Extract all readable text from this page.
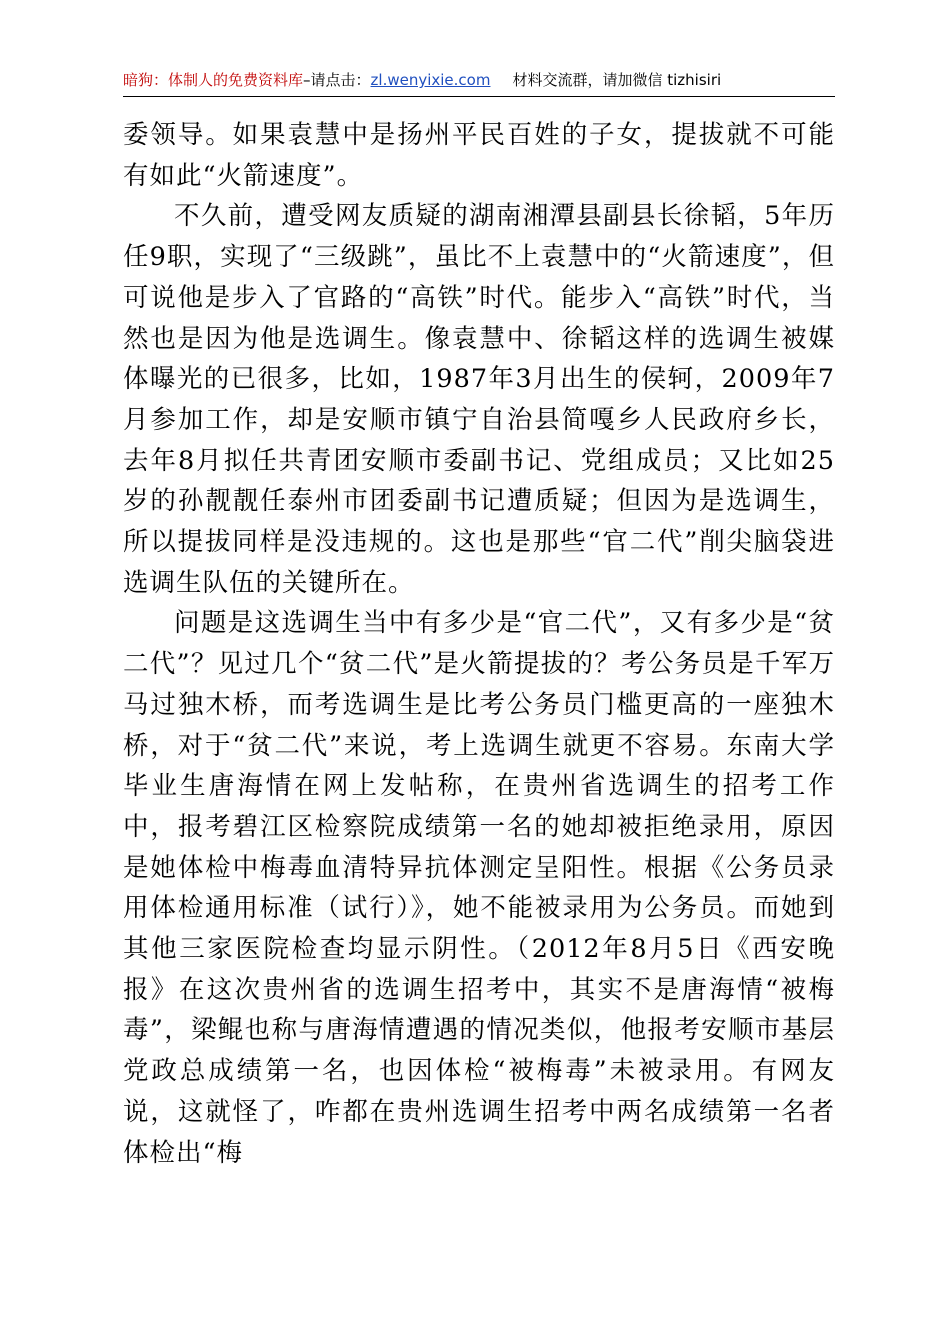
暗狗：体制人的免费资料库–请点击：zl.wenyixie.com 材料交流群，请加微信 tizhisiri

委领导。如果袁慧中是扬州平民百姓的子女，提拔就不可能有如此“火箭速度”。

不久前，遭受网友质疑的湖南湘潭县副县长徐韬，5年历任9职，实现了“三级跳”，虽比不上袁慧中的“火箭速度”，但可说他是步入了官路的“高铁”时代。能步入“高铁”时代，当然也是因为他是选调生。像袁慧中、徐韬这样的选调生被媒体曝光的已很多，比如，1987年3月出生的侯轲，2009年7月参加工作，却是安顺市镇宁自治县简嘎乡人民政府乡长，去年8月拟任共青团安顺市委副书记、党组成员；又比如25岁的孙靓靓任泰州市团委副书记遭质疑；但因为是选调生，所以提拔同样是没违规的。这也是那些“官二代”削尖脑袋进选调生队伍的关键所在。

问题是这选调生当中有多少是“官二代”，又有多少是“贫二代”？见过几个“贫二代”是火箭提拔的？考公务员是千军万马过独木桥，而考选调生是比考公务员门槛更高的一座独木桥，对于“贫二代”来说，考上选调生就更不容易。东南大学毕业生唐海情在网上发帖称，在贵州省选调生的招考工作中，报考碧江区检察院成绩第一名的她却被拒绝录用，原因是她体检中梅毒血清特异抗体测定呈阳性。根据《公务员录用体检通用标准（试行）》，她不能被录用为公务员。而她到其他三家医院检查均显示阴性。（2012年8月5日《西安晚报》在这次贵州省的选调生招考中，其实不是唐海情“被梅毒”，梁鲲也称与唐海情遭遇的情况类似，他报考安顺市基层党政总成绩第一名，也因体检“被梅毒”未被录用。有网友说，这就怪了，咋都在贵州选调生招考中两名成绩第一名者体检出“梅
